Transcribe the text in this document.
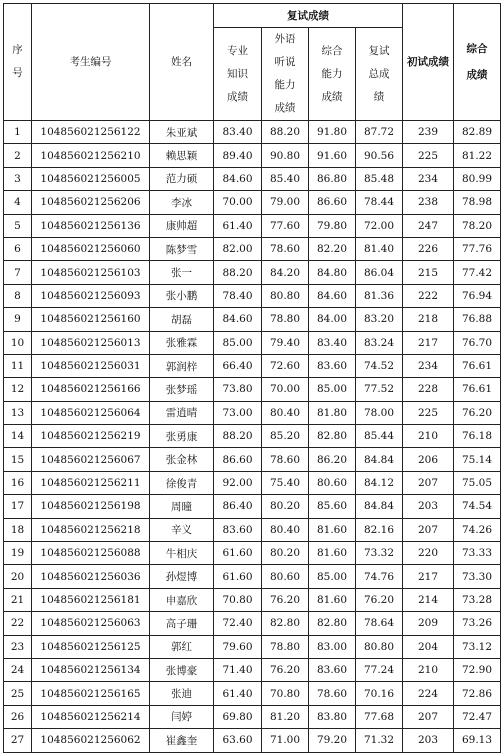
序号	考生编号	姓名	复试成绩				初试成绩	综合成绩
			专业知识成绩	外语听说能力成绩	综合能力成绩	复试总成绩		
1	104856021256122	朱亚斌	83.40	88.20	91.80	87.72	239	82.89
2	104856021256210	赖思颖	89.40	90.80	91.60	90.56	225	81.22
3	104856021256005	范力硕	84.60	85.40	86.80	85.48	234	80.99
4	104856021256206	李冰	70.00	79.00	86.60	78.44	238	78.98
5	104856021256136	康帅超	61.40	77.60	79.80	72.00	247	78.20
6	104856021256060	陈梦雪	82.00	78.60	82.20	81.40	226	77.76
7	104856021256103	张一	88.20	84.20	84.80	86.04	215	77.42
8	104856021256093	张小鹏	78.40	80.80	84.60	81.36	222	76.94
9	104856021256160	胡磊	84.60	78.80	84.00	83.20	218	76.88
10	104856021256013	张雅霖	85.00	79.40	83.40	83.24	217	76.70
11	104856021256031	郭润梓	66.40	72.60	83.60	74.52	234	76.61
12	104856021256166	张梦瑶	73.80	70.00	85.00	77.52	228	76.61
13	104856021256064	雷逍晴	73.00	80.40	81.80	78.00	225	76.20
14	104856021256219	张勇康	88.20	85.20	82.80	85.44	210	76.18
15	104856021256067	张金林	86.60	78.60	86.20	84.84	206	75.14
16	104856021256211	徐俊青	92.00	75.40	80.60	84.12	207	75.05
17	104856021256198	周曈	86.40	80.20	85.60	84.84	203	74.54
18	104856021256218	辛义	83.60	80.40	81.60	82.16	207	74.26
19	104856021256088	牛相庆	61.60	80.20	81.60	73.32	220	73.33
20	104856021256036	孙煜博	61.60	80.60	85.00	74.76	217	73.30
21	104856021256181	申嘉欣	70.80	76.20	81.60	76.20	214	73.28
22	104856021256063	高子珊	72.40	82.80	82.80	78.64	209	73.26
23	104856021256125	郭红	79.60	78.80	83.00	80.80	204	73.12
24	104856021256134	张博豪	71.40	76.20	83.60	77.24	210	72.90
25	104856021256165	张迪	61.40	70.80	78.60	70.16	224	72.86
26	104856021256214	闫婷	69.80	81.20	83.80	77.68	207	72.47
27	104856021256062	崔鑫奎	63.60	71.00	79.20	71.32	203	69.13
